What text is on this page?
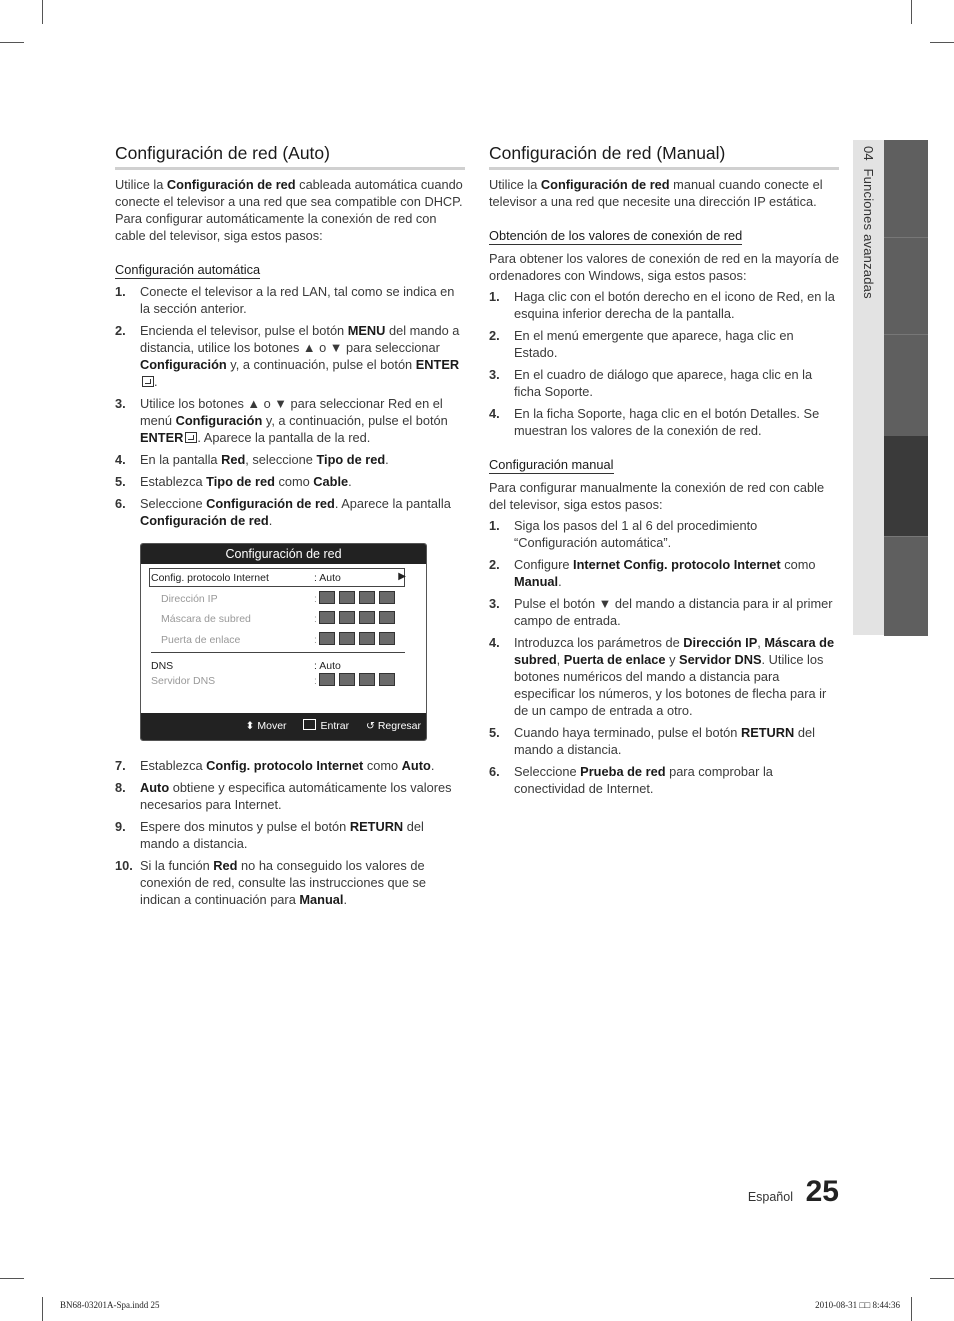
Configuración de red (Auto)

Utilice la Configuración de red cableada automática cuando conecte el televisor a una red que sea compatible con DHCP. Para configurar automáticamente la conexión de red con cable del televisor, siga estos pasos:

Configuración automática
1. Conecte el televisor a la red LAN, tal como se indica en la sección anterior.
2. Encienda el televisor, pulse el botón MENU del mando a distancia, utilice los botones ▲ o ▼ para seleccionar Configuración y, a continuación, pulse el botón ENTER.
3. Utilice los botones ▲ o ▼ para seleccionar Red en el menú Configuración y, a continuación, pulse el botón ENTER . Aparece la pantalla de la red.
4. En la pantalla Red, seleccione Tipo de red.
5. Establezca Tipo de red como Cable.
6. Seleccione Configuración de red. Aparece la pantalla Configuración de red.
Configuración de red
Config. protocolo Internet	: Auto	▶
Dirección IP	:
Máscara de subred	:
Puerta de enlace	:
DNS	: Auto
Servidor DNS	:
⬍ Mover	Entrar ↺ Regresar
7. Establezca Config. protocolo Internet como Auto.
8. Auto obtiene y especifica automáticamente los valores necesarios para Internet.
9. Espere dos minutos y pulse el botón RETURN del mando a distancia.
10. Si la función Red no ha conseguido los valores de conexión de red, consulte las instrucciones que se indican a continuación para Manual.
Configuración de red (Manual)

Utilice la Configuración de red manual cuando conecte el televisor a una red que necesite una dirección IP estática.

Obtención de los valores de conexión de red

Para obtener los valores de conexión de red en la mayoría de ordenadores con Windows, siga estos pasos:

1. Haga clic con el botón derecho en el icono de Red, en la esquina inferior derecha de la pantalla.
2. En el menú emergente que aparece, haga clic en Estado.
3. En el cuadro de diálogo que aparece, haga clic en la ficha Soporte.
4. En la ficha Soporte, haga clic en el botón Detalles. Se muestran los valores de la conexión de red.
Configuración manual

Para configurar manualmente la conexión de red con cable del televisor, siga estos pasos:

1. Siga los pasos del 1 al 6 del procedimiento “Configuración automática”.
2. Configure Internet Config. protocolo Internet como Manual.
3. Pulse el botón ▼ del mando a distancia para ir al primer campo de entrada.
4. Introduzca los parámetros de Dirección IP, Máscara de subred, Puerta de enlace y Servidor DNS. Utilice los botones numéricos del mando a distancia para especificar los números, y los botones de flecha para ir de un campo de entrada a otro.
5. Cuando haya terminado, pulse el botón RETURN del mando a distancia.
6. Seleccione Prueba de red para comprobar la conectividad de Internet.
04  Funciones avanzadas
Español 25
BN68-03201A-Spa.indd 25	2010-08-31 □□ 8:44:36
